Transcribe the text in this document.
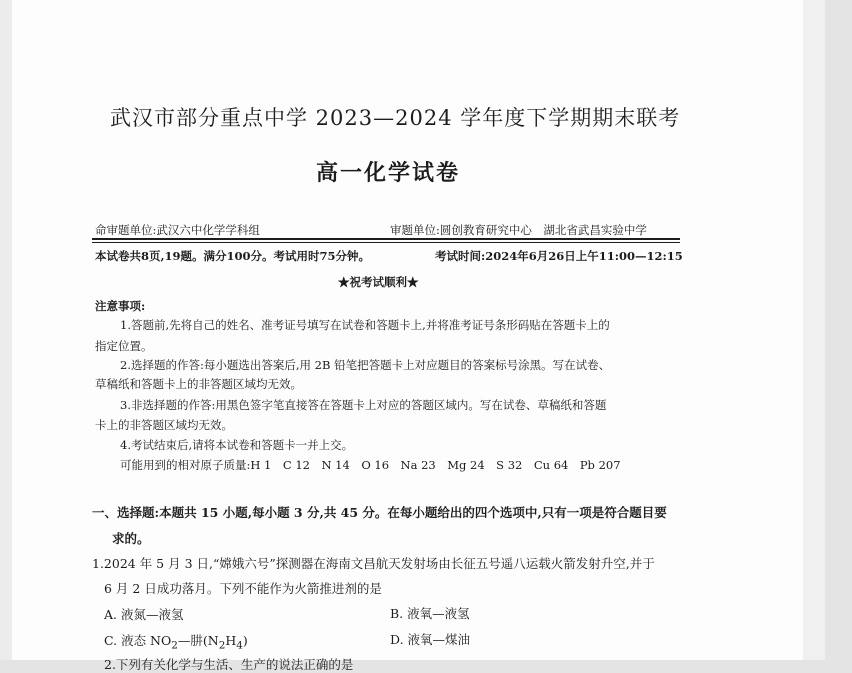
武汉市部分重点中学 2023—2024 学年度下学期期末联考
高一化学试卷
命审题单位:武汉六中化学学科组	审题单位:圆创教育研究中心　湖北省武昌实验中学
本试卷共8页,19题。满分100分。考试用时75分钟。	考试时间:2024年6月26日上午11:00—12:15
★祝考试顺利★
注意事项:
1.答题前,先将自己的姓名、准考证号填写在试卷和答题卡上,并将准考证号条形码贴在答题卡上的
指定位置。
2.选择题的作答:每小题选出答案后,用 2B 铅笔把答题卡上对应题目的答案标号涂黑。写在试卷、
草稿纸和答题卡上的非答题区域均无效。
3.非选择题的作答:用黑色签字笔直接答在答题卡上对应的答题区域内。写在试卷、草稿纸和答题
卡上的非答题区域均无效。
4.考试结束后,请将本试卷和答题卡一并上交。
可能用到的相对原子质量:H 1　C 12　N 14　O 16　Na 23　Mg 24　S 32　Cu 64　Pb 207
一、选择题:本题共 15 小题,每小题 3 分,共 45 分。在每小题给出的四个选项中,只有一项是符合题目要
求的。
1.2024 年 5 月 3 日,“嫦娥六号”探测器在海南文昌航天发射场由长征五号遥八运载火箭发射升空,并于
6 月 2 日成功落月。下列不能作为火箭推进剂的是
A. 液氮—液氢	B. 液氧—液氢
C. 液态 $NO_2—$肼$(N_2H_4)$	D. 液氧—煤油
2.下列有关化学与生活、生产的说法正确的是
